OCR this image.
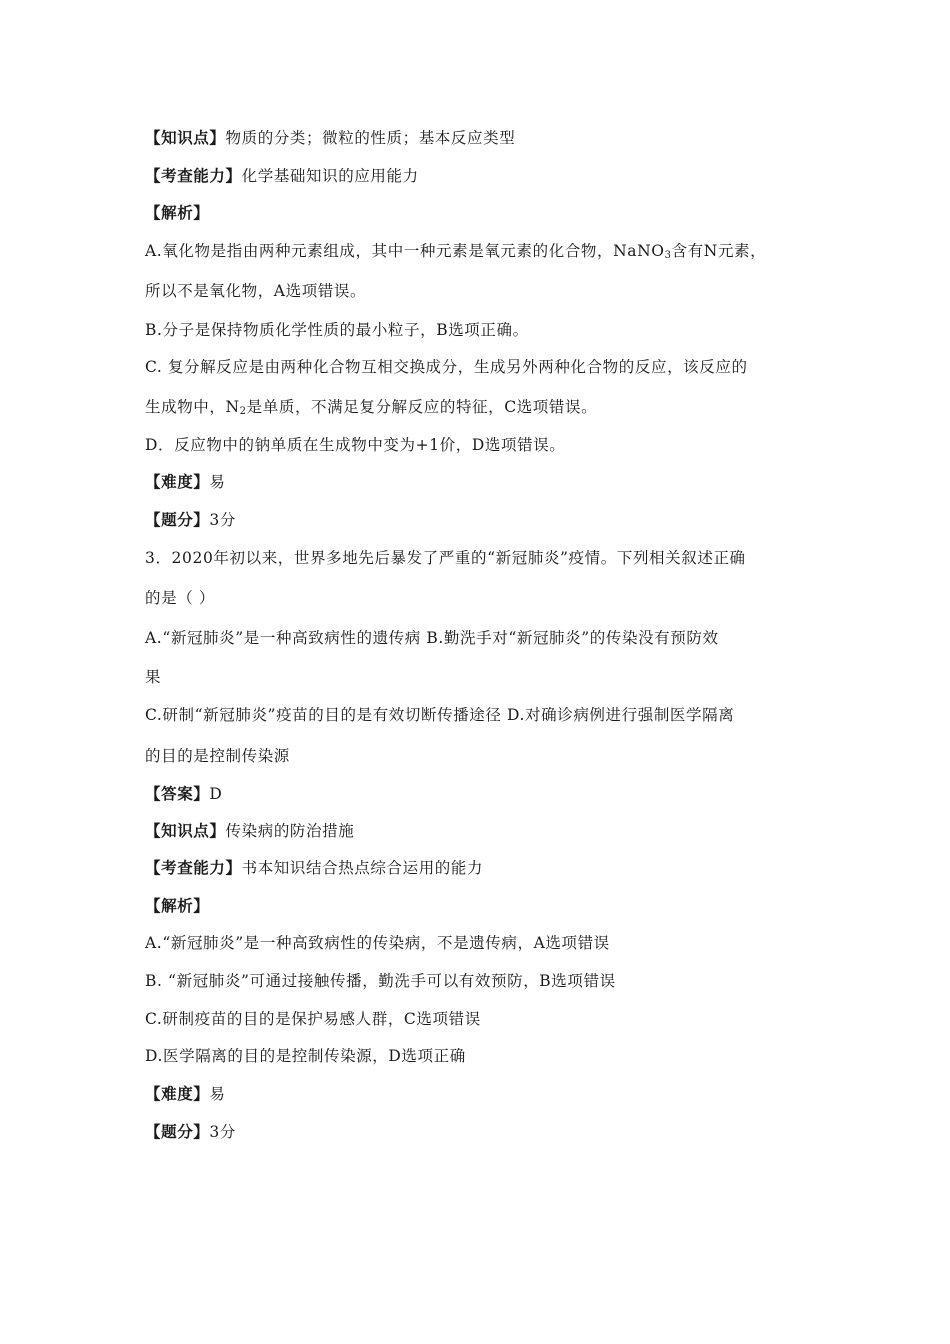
【知识点】物质的分类；微粒的性质；基本反应类型
【考查能力】化学基础知识的应用能力
【解析】
A.氧化物是指由两种元素组成，其中一种元素是氧元素的化合物，NaNO$_3$含有N元素，
所以不是氧化物，A选项错误。
B.分子是保持物质化学性质的最小粒子，B选项正确。
C. 复分解反应是由两种化合物互相交换成分，生成另外两种化合物的反应，该反应的
生成物中，$N_2$是单质，不满足复分解反应的特征，C选项错误。
D．反应物中的钠单质在生成物中变为+1价，D选项错误。
【难度】易
【题分】3分
3．2020年初以来，世界多地先后暴发了严重的“新冠肺炎”疫情。下列相关叙述正确
的是（ ）
A.“新冠肺炎”是一种高致病性的遗传病 B.勤洗手对“新冠肺炎”的传染没有预防效
果
C.研制“新冠肺炎”疫苗的目的是有效切断传播途径 D.对确诊病例进行强制医学隔离
的目的是控制传染源
【答案】D
【知识点】传染病的防治措施
【考查能力】书本知识结合热点综合运用的能力
【解析】
A.“新冠肺炎”是一种高致病性的传染病，不是遗传病，A选项错误
B. “新冠肺炎”可通过接触传播，勤洗手可以有效预防，B选项错误
C.研制疫苗的目的是保护易感人群，C选项错误
D.医学隔离的目的是控制传染源，D选项正确
【难度】易
【题分】3分
